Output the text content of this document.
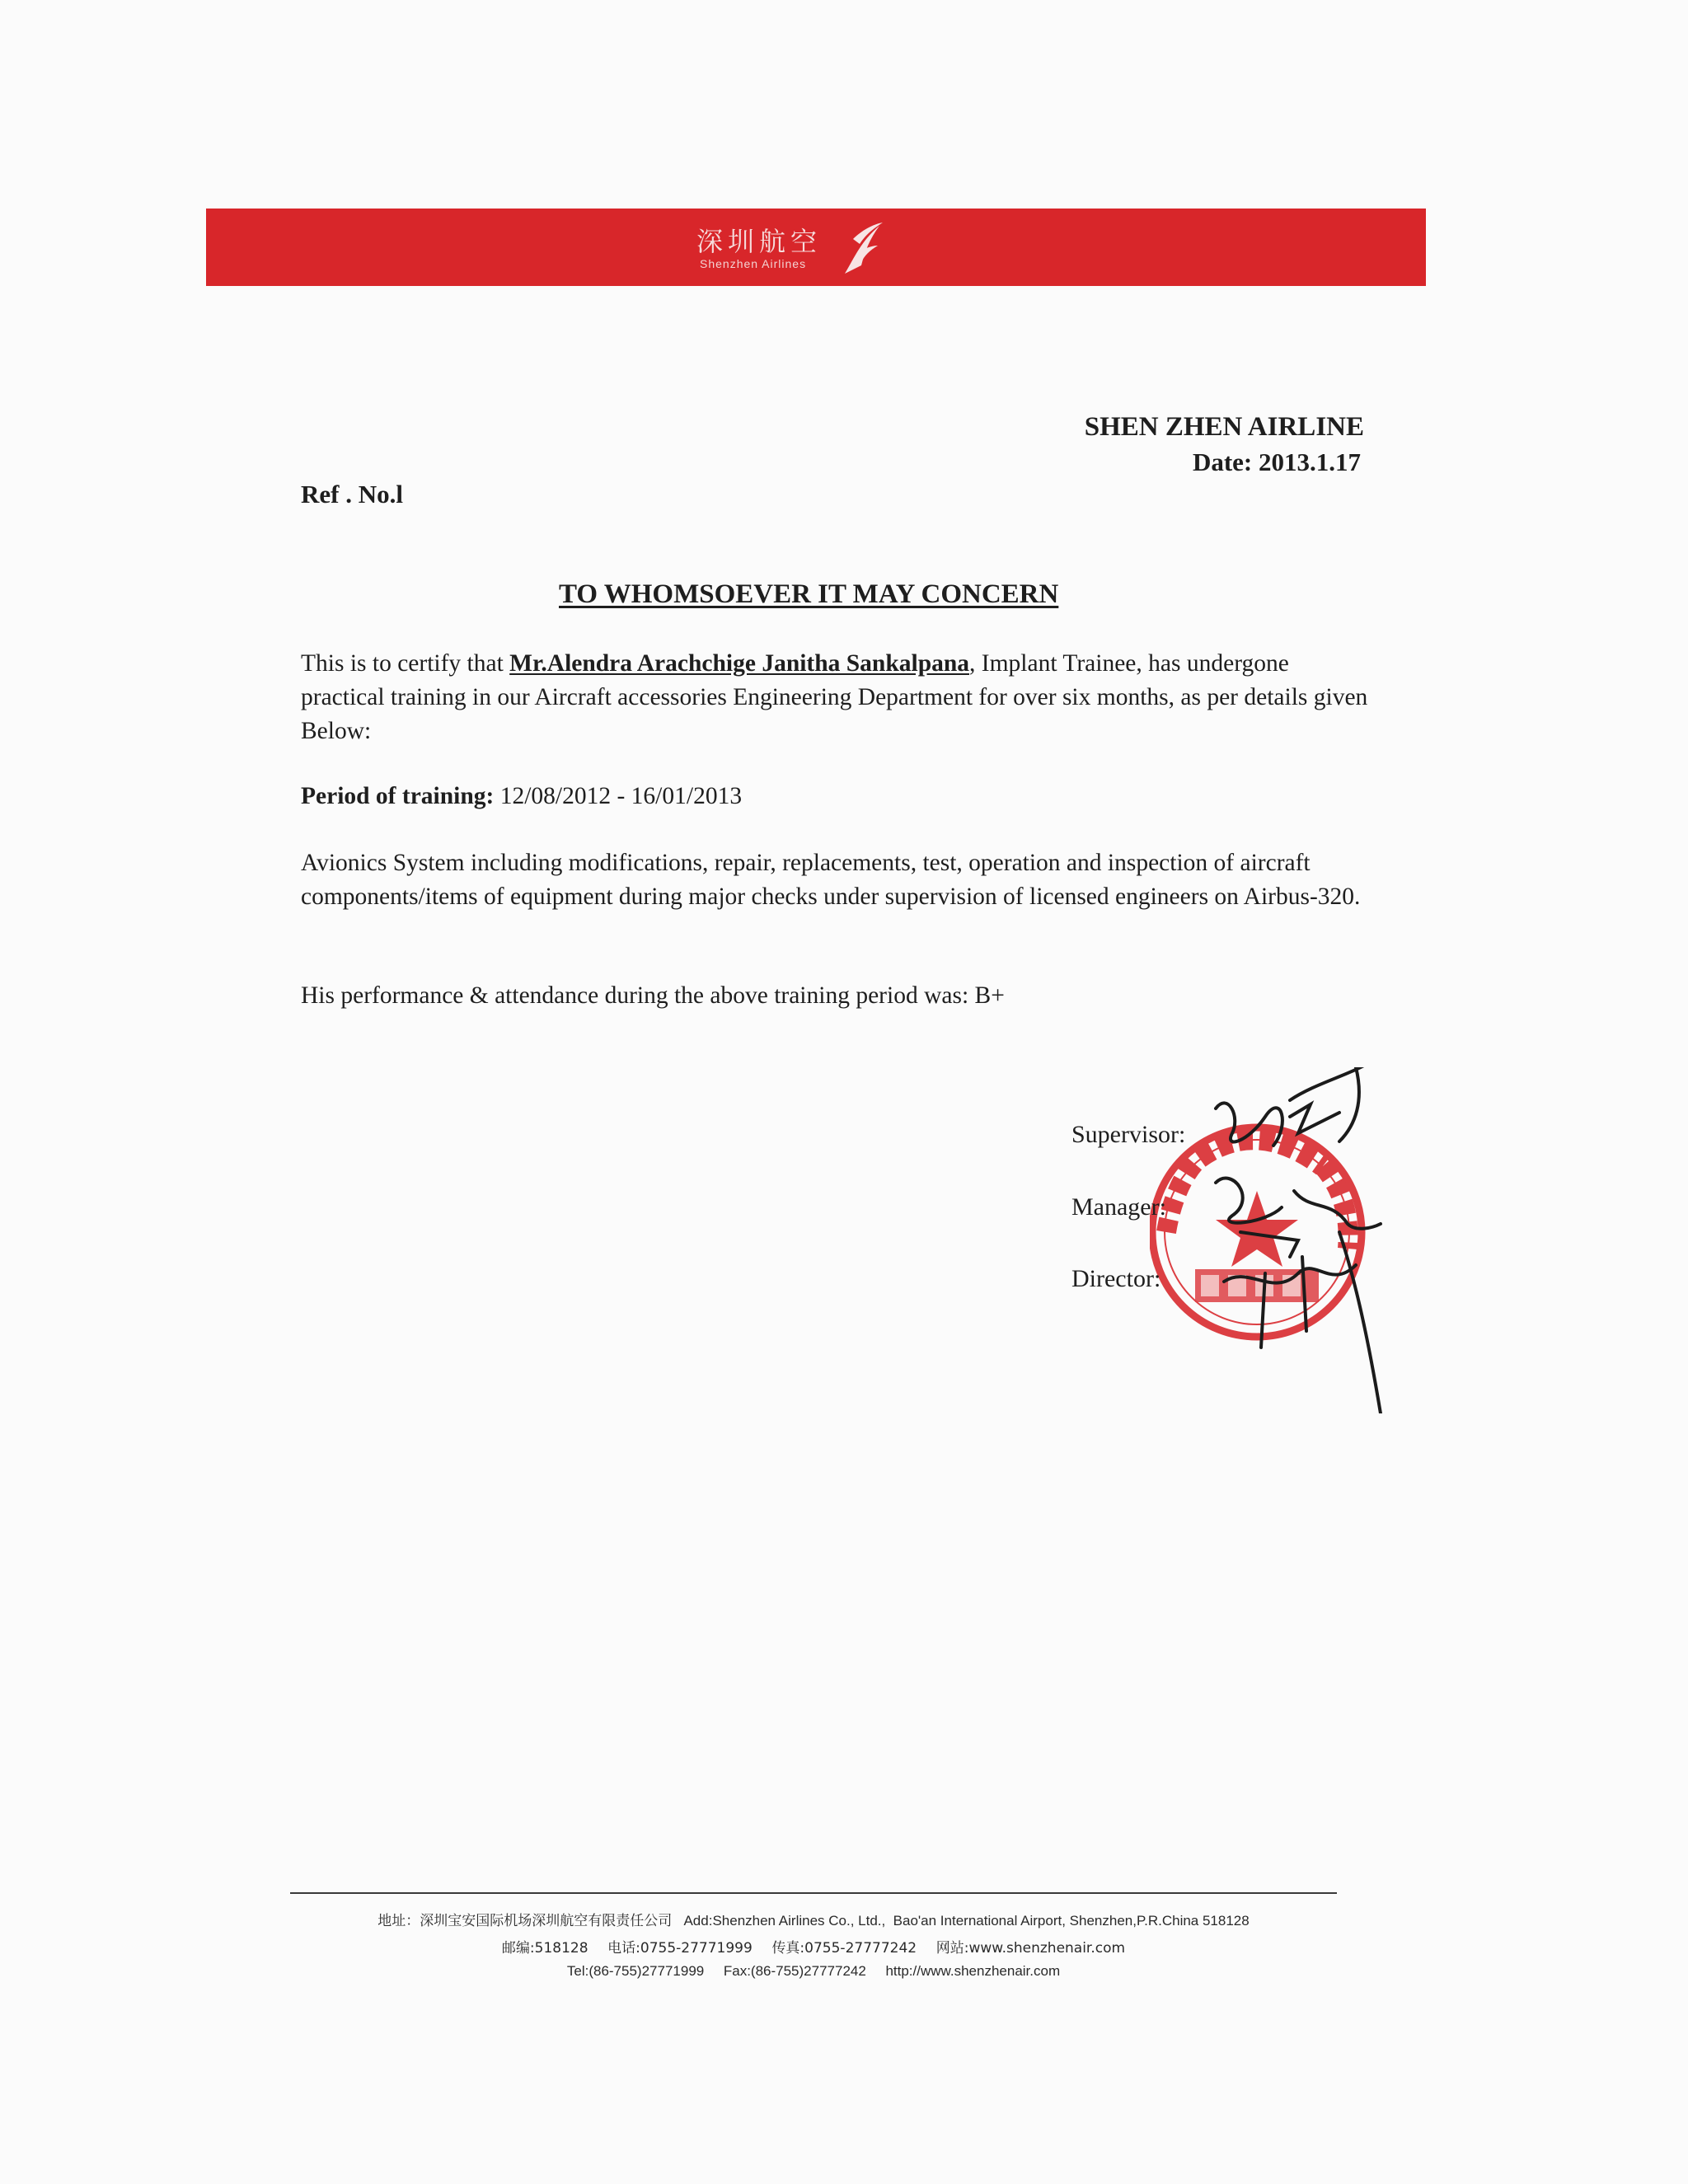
深圳航空
Shenzhen Airlines
SHEN ZHEN AIRLINE
Date: 2013.1.17
Ref . No.l
TO WHOMSOEVER IT MAY CONCERN
This is to certify that Mr.Alendra Arachchige Janitha Sankalpana, Implant Trainee, has undergone practical training in our Aircraft accessories Engineering Department for over six months, as per details given Below:
Period of training: 12/08/2012 - 16/01/2013
Avionics System including modifications, repair, replacements, test, operation and inspection of aircraft components/items of equipment during major checks under supervision of licensed engineers on Airbus-320.
His performance & attendance during the above training period was: B+
Supervisor:
Manager:
Director:
地址：深圳宝安国际机场深圳航空有限责任公司 Add:Shenzhen Airlines Co., Ltd.,  Bao'an International Airport, Shenzhen,P.R.China 518128
邮编:518128 电话:0755-27771999 传真:0755-27777242 网站:www.shenzhenair.com
Tel:(86-755)27771999 Fax:(86-755)27777242 http://www.shenzhenair.com
